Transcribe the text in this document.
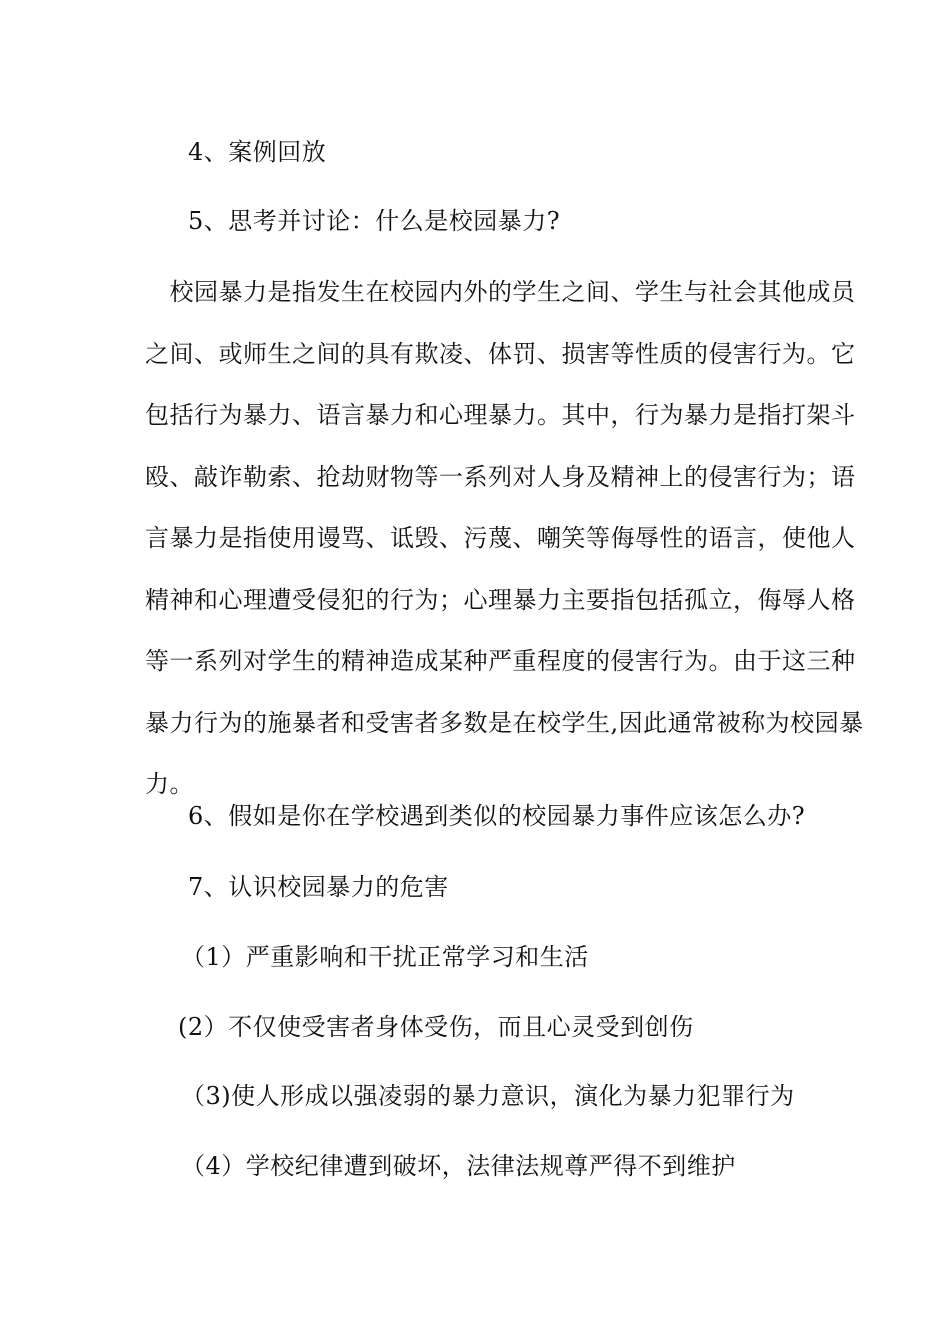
4、案例回放
5、思考并讨论：什么是校园暴力?
　校园暴力是指发生在校园内外的学生之间、学生与社会其他成员
之间、或师生之间的具有欺凌、体罚、损害等性质的侵害行为。它
包括行为暴力、语言暴力和心理暴力。其中，行为暴力是指打架斗
殴、敲诈勒索、抢劫财物等一系列对人身及精神上的侵害行为；语
言暴力是指使用谩骂、诋毁、污蔑、嘲笑等侮辱性的语言，使他人
精神和心理遭受侵犯的行为；心理暴力主要指包括孤立，侮辱人格
等一系列对学生的精神造成某种严重程度的侵害行为。由于这三种
暴力行为的施暴者和受害者多数是在校学生,因此通常被称为校园暴
力。
6、假如是你在学校遇到类似的校园暴力事件应该怎么办?
7、认识校园暴力的危害
（1）严重影响和干扰正常学习和生活
(2）不仅使受害者身体受伤，而且心灵受到创伤
（3)使人形成以强凌弱的暴力意识，演化为暴力犯罪行为
（4）学校纪律遭到破坏，法律法规尊严得不到维护
